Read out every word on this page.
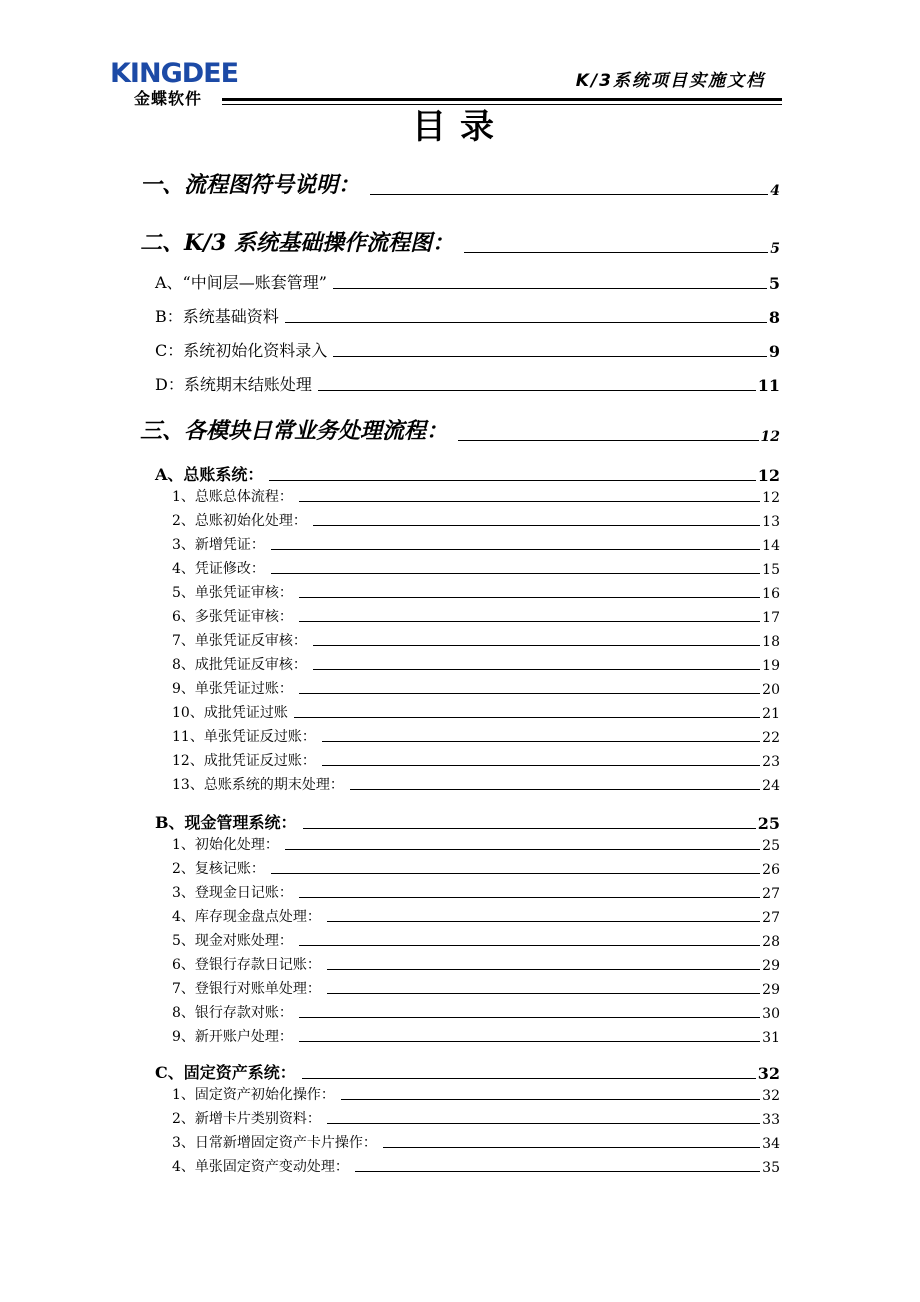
KINGDEE
金蝶软件
K/3系统项目实施文档
目录
一、流程图符号说明：	4
二、K/3 系统基础操作流程图：	5
A、“中间层—账套管理”	5
B：系统基础资料	8
C：系统初始化资料录入	9
D：系统期末结账处理	11
三、各模块日常业务处理流程：	12
A、总账系统：	12
1、总账总体流程：	12
2、总账初始化处理：	13
3、新增凭证：	14
4、凭证修改：	15
5、单张凭证审核：	16
6、多张凭证审核：	17
7、单张凭证反审核：	18
8、成批凭证反审核：	19
9、单张凭证过账：	20
10、成批凭证过账	21
11、单张凭证反过账：	22
12、成批凭证反过账：	23
13、总账系统的期末处理：	24
B、现金管理系统：	25
1、初始化处理：	25
2、复核记账：	26
3、登现金日记账：	27
4、库存现金盘点处理：	27
5、现金对账处理：	28
6、登银行存款日记账：	29
7、登银行对账单处理：	29
8、银行存款对账：	30
9、新开账户处理：	31
C、固定资产系统：	32
1、固定资产初始化操作：	32
2、新增卡片类别资料：	33
3、日常新增固定资产卡片操作：	34
4、单张固定资产变动处理：	35
